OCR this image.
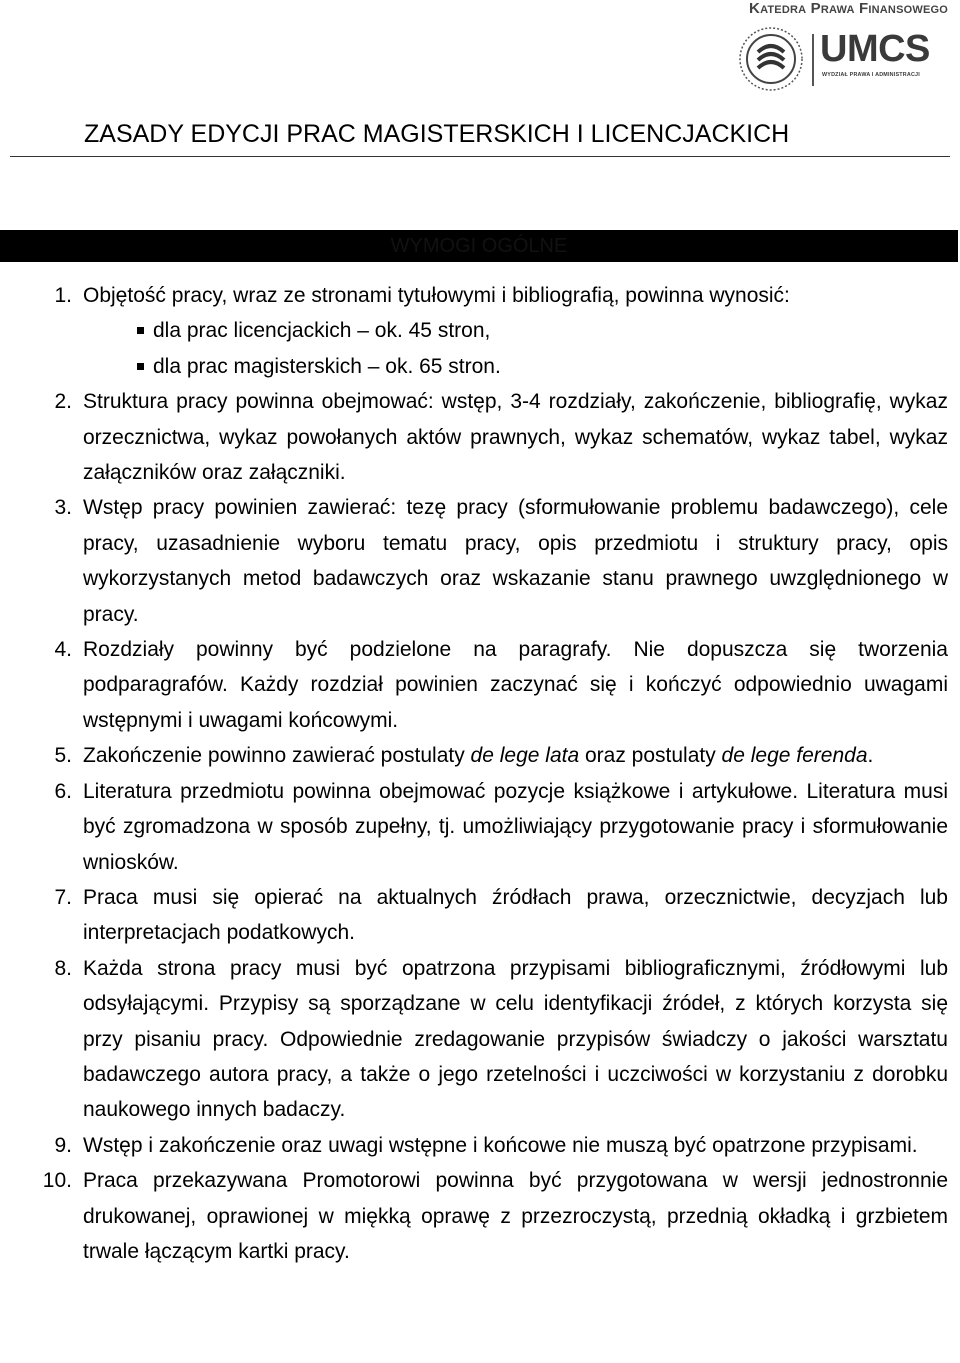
Katedra Prawa Finansowego
UMCS
WYDZIAŁ PRAWA I ADMINISTRACJI
ZASADY EDYCJI PRAC MAGISTERSKICH I LICENCJACKICH
WYMOGI OGÓLNE
1. Objętość pracy, wraz ze stronami tytułowymi i bibliografią, powinna wynosić:
dla prac licencjackich – ok. 45 stron,
dla prac magisterskich – ok. 65 stron.
2. Struktura pracy powinna obejmować: wstęp, 3-4 rozdziały, zakończenie, bibliografię, wykaz orzecznictwa, wykaz powołanych aktów prawnych, wykaz schematów, wykaz tabel, wykaz załączników oraz załączniki.
3. Wstęp pracy powinien zawierać: tezę pracy (sformułowanie problemu badawczego), cele pracy, uzasadnienie wyboru tematu pracy, opis przedmiotu i struktury pracy, opis wykorzystanych metod badawczych oraz wskazanie stanu prawnego uwzględnionego w pracy.
4. Rozdziały powinny być podzielone na paragrafy. Nie dopuszcza się tworzenia podparagrafów. Każdy rozdział powinien zaczynać się i kończyć odpowiednio uwagami wstępnymi i uwagami końcowymi.
5. Zakończenie powinno zawierać postulaty de lege lata oraz postulaty de lege ferenda.
6. Literatura przedmiotu powinna obejmować pozycje książkowe i artykułowe. Literatura musi być zgromadzona w sposób zupełny, tj. umożliwiający przygotowanie pracy i sformułowanie wniosków.
7. Praca musi się opierać na aktualnych źródłach prawa, orzecznictwie, decyzjach lub interpretacjach podatkowych.
8. Każda strona pracy musi być opatrzona przypisami bibliograficznymi, źródłowymi lub odsyłającymi. Przypisy są sporządzane w celu identyfikacji źródeł, z których korzysta się przy pisaniu pracy. Odpowiednie zredagowanie przypisów świadczy o jakości warsztatu badawczego autora pracy, a także o jego rzetelności i uczciwości w korzystaniu z dorobku naukowego innych badaczy.
9. Wstęp i zakończenie oraz uwagi wstępne i końcowe nie muszą być opatrzone przypisami.
10. Praca przekazywana Promotorowi powinna być przygotowana w wersji jednostronnie drukowanej, oprawionej w miękką oprawę z przezroczystą, przednią okładką i grzbietem trwale łączącym kartki pracy.
